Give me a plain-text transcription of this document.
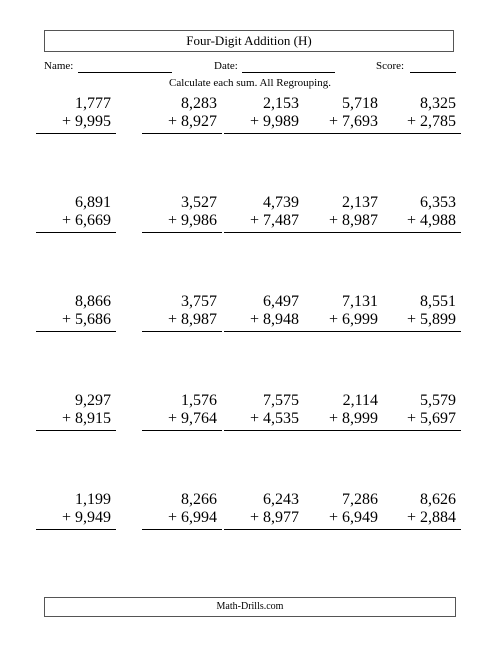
Four-Digit Addition (H)
Name:	Date:	Score:
Calculate each sum. All Regrouping.
1,777
+ 9,995
8,283
+ 8,927
2,153
+ 9,989
5,718
+ 7,693
8,325
+ 2,785
6,891
+ 6,669
3,527
+ 9,986
4,739
+ 7,487
2,137
+ 8,987
6,353
+ 4,988
8,866
+ 5,686
3,757
+ 8,987
6,497
+ 8,948
7,131
+ 6,999
8,551
+ 5,899
9,297
+ 8,915
1,576
+ 9,764
7,575
+ 4,535
2,114
+ 8,999
5,579
+ 5,697
1,199
+ 9,949
8,266
+ 6,994
6,243
+ 8,977
7,286
+ 6,949
8,626
+ 2,884
Math-Drills.com
